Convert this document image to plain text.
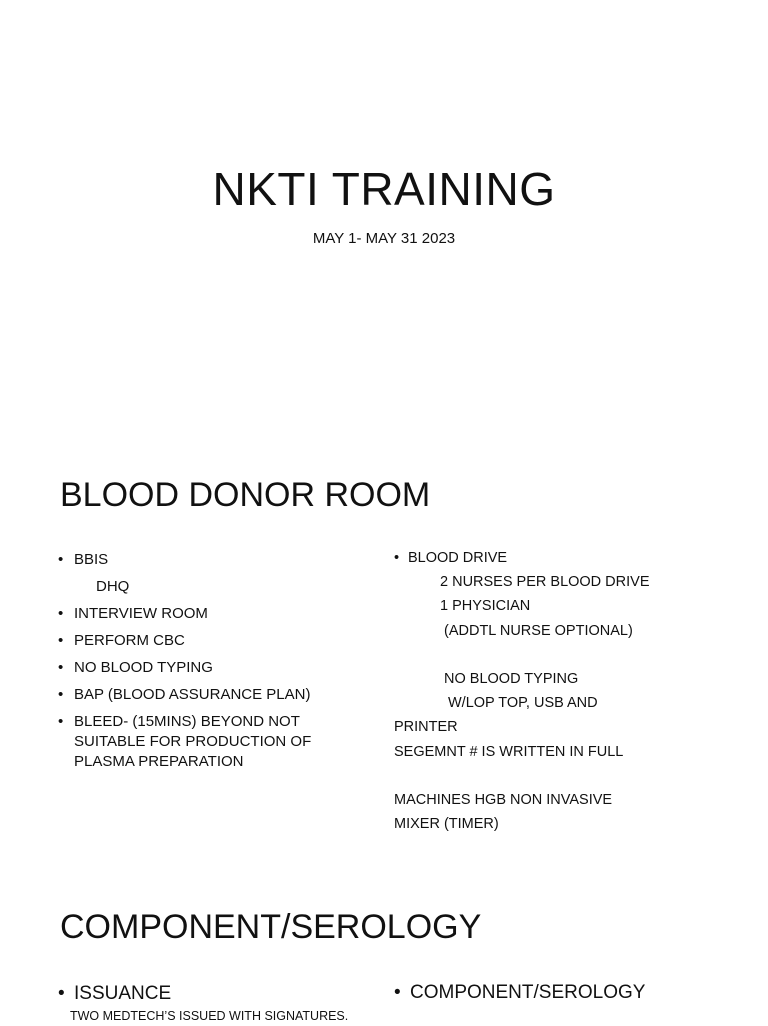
NKTI TRAINING

MAY 1- MAY 31 2023

BLOOD DONOR ROOM
• BBIS
DHQ
• INTERVIEW ROOM
• PERFORM CBC
• NO BLOOD TYPING
• BAP (BLOOD ASSURANCE PLAN)
• BLEED- (15MINS) BEYOND NOT SUITABLE FOR PRODUCTION OF PLASMA PREPARATION
• BLOOD DRIVE
2 NURSES PER BLOOD DRIVE
1 PHYSICIAN
(ADDTL NURSE OPTIONAL)
NO BLOOD TYPING
W/LOP TOP, USB AND
PRINTER
SEGEMNT # IS WRITTEN IN FULL
MACHINES HGB NON INVASIVE
MIXER (TIMER)
COMPONENT/SEROLOGY
• ISSUANCE
TWO MEDTECH’S ISSUED WITH SIGNATURES.
• COMPONENT/SEROLOGY
